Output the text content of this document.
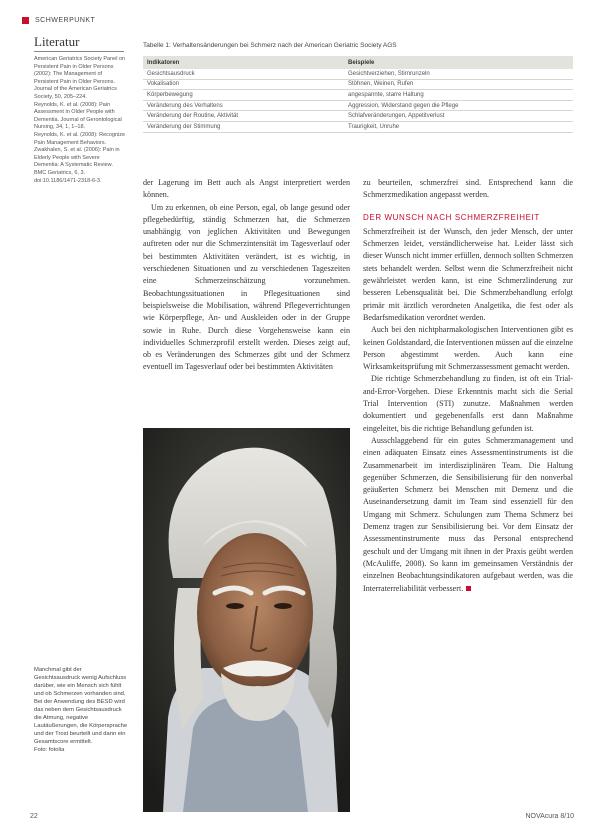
SCHWERPUNKT
Literatur

American Geriatrics Society Panel on Persistent Pain in Older Persons (2002): The Management of Persistent Pain in Older Persons. Journal of the American Geriatrics Society, 50, 205–224.

Reynolds, K. et al. (2008): Pain Assessment in Older People with Dementia. Journal of Gerontological Nursing, 34, 1, 1–18.

Reynolds, K. et al. (2008): Recognize Pain Management Behaviors.

Zwakhalen, S. et al. (2006): Pain in Elderly People with Severe Dementia: A Systematic Review. BMC Geriatrics, 6, 3. doi:10.1186/1471-2318-6-3.

Tabelle 1: Verhaltensänderungen bei Schmerz nach der American Geriatric Society AGS
Indikatoren	Beispiele
Gesichtsausdruck	Gesichtverziehen, Stirnrunzeln
Vokalisation	Stöhnen, Weinen, Rufen
Körperbewegung	angespannte, starre Haltung
Veränderung des Verhaltens	Aggression, Widerstand gegen die Pflege
Veränderung der Routine, Aktivität	Schlafveränderungen, Appetitverlust
Veränderung der Stimmung	Traurigkeit, Unruhe

der Lagerung im Bett auch als Angst interpretiert werden können.

Um zu erkennen, ob eine Person, egal, ob lange gesund oder pflegebedürftig, ständig Schmerzen hat, die Schmerzen unabhängig von jeglichen Aktivitäten und Bewegungen auftreten oder nur die Schmerzintensität im Tagesverlauf oder bei bestimmten Aktivitäten verändert, ist es wichtig, in verschiedenen Situationen und zu verschiedenen Tageszeiten eine Schmerzeinschätzung vorzunehmen. Beobachtungssituationen in Pflegesituationen sind beispielsweise die Mobilisation, während Pflegeverrichtungen wie Körperpflege, An- und Auskleiden oder in der Gruppe sowie in Ruhe. Durch diese Vorgehensweise kann ein individuelles Schmerzprofil erstellt werden. Dieses zeigt auf, ob es Veränderungen des Schmerzes gibt und der Schmerz eventuell im Tagesverlauf oder bei bestimmten Aktivitäten

zu beurteilen, schmerzfrei sind. Entsprechend kann die Schmerzmedikation angepasst werden.

DER WUNSCH NACH SCHMERZFREIHEIT

Schmerzfreiheit ist der Wunsch, den jeder Mensch, der unter Schmerzen leidet, verständlicherweise hat. Leider lässt sich dieser Wunsch nicht immer erfüllen, dennoch sollten Schmerzen stets behandelt werden. Selbst wenn die Schmerzfreiheit nicht gewährleistet werden kann, ist eine Schmerzlinderung zur besseren Lebensqualität bei. Die Schmerzbehandlung erfolgt primär mit ärztlich verordneten Analgetika, die fest oder als Bedarfsmedikation verordnet werden.

Auch bei den nichtpharmakologischen Interventionen gibt es keinen Goldstandard, die Interventionen müssen auf die einzelne Person abgestimmt werden. Auch kann eine Wirksamkeitsprüfung mit Schmerzassessment gemacht werden.

Die richtige Schmerzbehandlung zu finden, ist oft ein Trial-and-Error-Vorgehen. Diese Erkenntnis macht sich die Serial Trial Intervention (STI) zunutze. Maßnahmen werden dokumentiert und gegebenenfalls erst dann Maßnahme eingeleitet, bis die richtige Behandlung gefunden ist.

Ausschlaggebend für ein gutes Schmerzmanagement und einen adäquaten Einsatz eines Assessmentinstruments ist die Zusammenarbeit im interdisziplinären Team. Die Haltung gegenüber Schmerzen, die Sensibilisierung für den nonverbal geäußerten Schmerz bei Menschen mit Demenz und die Auseinandersetzung damit im Team sind essenziell für den Umgang mit Schmerz. Schulungen zum Thema Schmerz bei Demenz tragen zur Sensibilisierung bei. Vor dem Einsatz der Assessmentinstrumente muss das Personal entsprechend geschult und der Umgang mit ihnen in der Praxis geübt werden (McAuliffe, 2008). So kann im gemeinsamen Verständnis der einzelnen Beobachtungsindikatoren aufgebaut werden, was die Interraterreliabilität verbessert.

Manchmal gibt der Gesichtsausdruck wenig Aufschluss darüber, wie ein Mensch sich fühlt und ob Schmerzen vorhanden sind. Bei der Anwendung des BESD wird das neben dem Gesichtsausdruck die Atmung, negative Lautäußerungen, die Körpersprache und der Trost beurteilt und dann ein Gesamtscore ermittelt.

Foto: fotolia

22	NOVAcura 8/10
